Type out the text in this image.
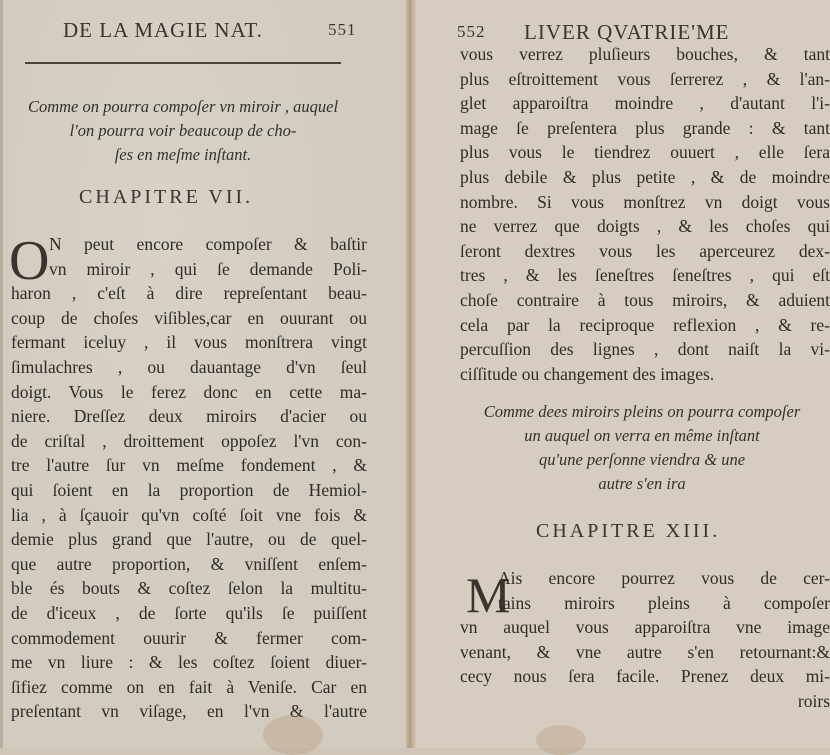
DE LA MAGIE NAT.	551
Comme on pourra compoſer vn miroir , auquel
l'on pourra voir beaucoup de cho-
ſes en meſme inſtant.
CHAPITRE VII.
O N peut encore compoſer & baſtir
vn miroir , qui ſe demande Poli-
haron , c'eſt à dire repreſentant beau-
coup de choſes viſibles,car en ouurant ou
fermant iceluy , il vous monſtrera vingt
ſimulachres , ou dauantage d'vn ſeul
doigt. Vous le ferez donc en cette ma-
niere. Dreſſez deux miroirs d'acier ou
de criſtal , droittement oppoſez l'vn con-
tre l'autre ſur vn meſme fondement , &
qui ſoient en la proportion de Hemiol-
lia , à ſçauoir qu'vn coſté ſoit vne fois &
demie plus grand que l'autre, ou de quel-
que autre proportion, & vniſſent enſem-
ble és bouts & coſtez ſelon la multitu-
de d'iceux , de ſorte qu'ils ſe puiſſent
commodement ouurir & fermer com-
me vn liure : & les coſtez ſoient diuer-
ſifiez comme on en fait à Veniſe. Car en
preſentant vn viſage, en l'vn & l'autre
552 LIVER QVATRIE'ME
vous verrez pluſieurs bouches, & tant
plus eſtroittement vous ſerrerez , & l'an-
glet apparoiſtra moindre , d'autant l'i-
mage ſe preſentera plus grande : & tant
plus vous le tiendrez ouuert , elle ſera
plus debile & plus petite , & de moindre
nombre. Si vous monſtrez vn doigt vous
ne verrez que doigts , & les choſes qui
ſeront dextres vous les aperceurez dex-
tres , & les ſeneſtres ſeneſtres , qui eſt
choſe contraire à tous miroirs, & aduient
cela par la reciproque reflexion , & re-
percuſſion des lignes , dont naiſt la vi-
ciſſitude ou changement des images.
Comme dees miroirs pleins on pourra compoſer
un auquel on verra en même inſtant
qu'une perſonne viendra & une
autre s'en ira
CHAPITRE XIII.
M
Ais encore pourrez vous de cer-
tains miroirs pleins à compoſer
vn auquel vous apparoiſtra vne image
venant, & vne autre s'en retournant:&
cecy nous ſera facile. Prenez deux mi-
roirs
